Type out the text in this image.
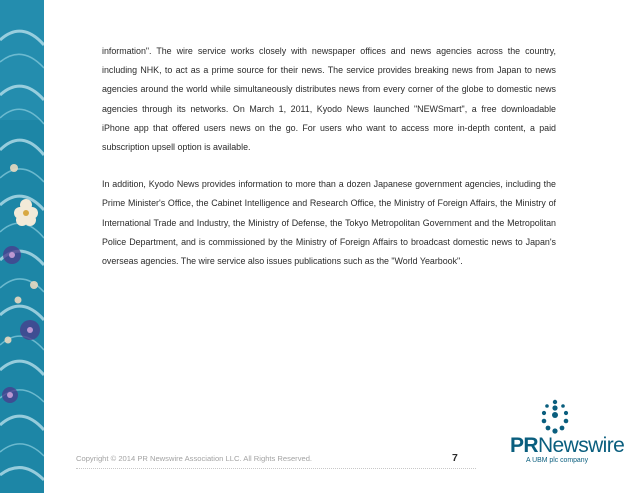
information". The wire service works closely with newspaper offices and news agencies across the country, including NHK, to act as a prime source for their news. The service provides breaking news from Japan to news agencies around the world while simultaneously distributes news from every corner of the globe to domestic news agencies through its networks. On March 1, 2011, Kyodo News launched "NEWSmart", a free downloadable iPhone app that offered users news on the go. For users who want to access more in-depth content, a paid subscription upsell option is available.

In addition, Kyodo News provides information to more than a dozen Japanese government agencies, including the Prime Minister's Office, the Cabinet Intelligence and Research Office, the Ministry of Foreign Affairs, the Ministry of International Trade and Industry, the Ministry of Defense, the Tokyo Metropolitan Government and the Metropolitan Police Department, and is commissioned by the Ministry of Foreign Affairs to broadcast domestic news to Japan's overseas agencies. The wire service also issues publications such as the "World Yearbook".

Copyright © 2014 PR Newswire Association LLC. All Rights Reserved.	7
PRNewswire
A UBM plc company
